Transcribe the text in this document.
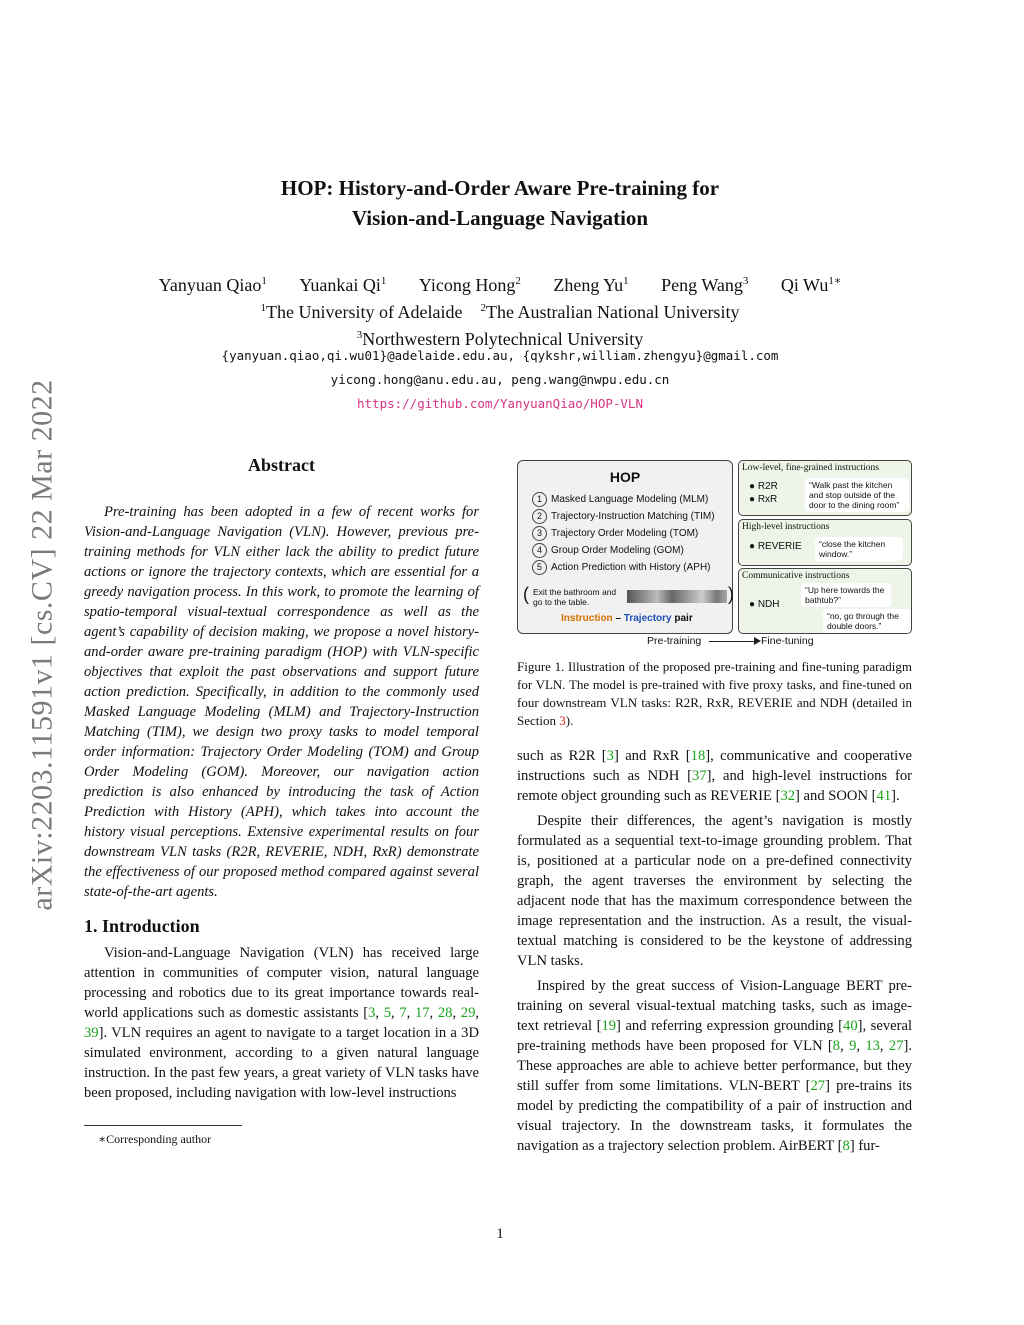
arXiv:2203.11591v1 [cs.CV] 22 Mar 2022
HOP: History-and-Order Aware Pre-training for
Vision-and-Language Navigation
Yanyuan Qiao$^1$ Yuankai Qi$^1$ Yicong Hong$^2$ Zheng Yu$^1$ Peng Wang$^3$ Qi $Wu^{1∗}$
$^1$The University of Adelaide $^2$The Australian National University
$^3$Northwestern Polytechnical University
{yanyuan.qiao,qi.wu01}@adelaide.edu.au, {qykshr,william.zhengyu}@gmail.com
yicong.hong@anu.edu.au, peng.wang@nwpu.edu.cn
https://github.com/YanyuanQiao/HOP-VLN
Abstract

Pre-training has been adopted in a few of recent works for Vision-and-Language Navigation (VLN). However, previous pre-training methods for VLN either lack the ability to predict future actions or ignore the trajectory contexts, which are essential for a greedy navigation process. In this work, to promote the learning of spatio-temporal visual-textual correspondence as well as the agent’s capability of decision making, we propose a novel history-and-order aware pre-training paradigm (HOP) with VLN-specific objectives that exploit the past observations and support future action prediction. Specifically, in addition to the commonly used Masked Language Modeling (MLM) and Trajectory-Instruction Matching (TIM), we design two proxy tasks to model temporal order information: Trajectory Order Modeling (TOM) and Group Order Modeling (GOM). Moreover, our navigation action prediction is also enhanced by introducing the task of Action Prediction with History (APH), which takes into account the history visual perceptions. Extensive experimental results on four downstream VLN tasks (R2R, REVERIE, NDH, RxR) demonstrate the effectiveness of our proposed method compared against several state-of-the-art agents.

1. Introduction

Vision-and-Language Navigation (VLN) has received large attention in communities of computer vision, natural language processing and robotics due to its great importance towards real-world applications such as domestic assistants [3, 5, 7, 17, 28, 29, 39]. VLN requires an agent to navigate to a target location in a 3D simulated environment, according to a given natural language instruction. In the past few years, a great variety of VLN tasks have been proposed, including navigation with low-level instructions

∗Corresponding author
HOP
1 Masked Language Modeling (MLM)
2 Trajectory-Instruction Matching (TIM)
3 Trajectory Order Modeling (TOM)
4 Group Order Modeling (GOM)
5 Action Prediction with History (APH)
( Exit the bathroom and go to the table.	)
Instruction – Trajectory pair
Low-level, fine-grained instructions
● R2R
● RxR
“Walk past the kitchen and stop outside of the door to the dining room”
High-level instructions
● REVERIE	“close the kitchen window.”
Communicative instructions
● NDH
“Up here towards the bathtub?”
“no, go through the double doors.”
Pre-training	Fine-tuning

Figure 1. Illustration of the proposed pre-training and fine-tuning paradigm for VLN. The model is pre-trained with five proxy tasks, and fine-tuned on four downstream VLN tasks: R2R, RxR, REVERIE and NDH (detailed in Section 3).

such as R2R [3] and RxR [18], communicative and cooperative instructions such as NDH [37], and high-level instructions for remote object grounding such as REVERIE [32] and SOON [41].

Despite their differences, the agent’s navigation is mostly formulated as a sequential text-to-image grounding problem. That is, positioned at a particular node on a pre-defined connectivity graph, the agent traverses the environment by selecting the adjacent node that has the maximum correspondence between the image representation and the instruction. As a result, the visual-textual matching is considered to be the keystone of addressing VLN tasks.

Inspired by the great success of Vision-Language BERT pre-training on several visual-textual matching tasks, such as image-text retrieval [19] and referring expression grounding [40], several pre-training methods have been proposed for VLN [8, 9, 13, 27]. These approaches are able to achieve better performance, but they still suffer from some limitations. VLN-BERT [27] pre-trains its model by predicting the compatibility of a pair of instruction and visual trajectory. In the downstream tasks, it formulates the navigation as a trajectory selection problem. AirBERT [8] fur-

1
